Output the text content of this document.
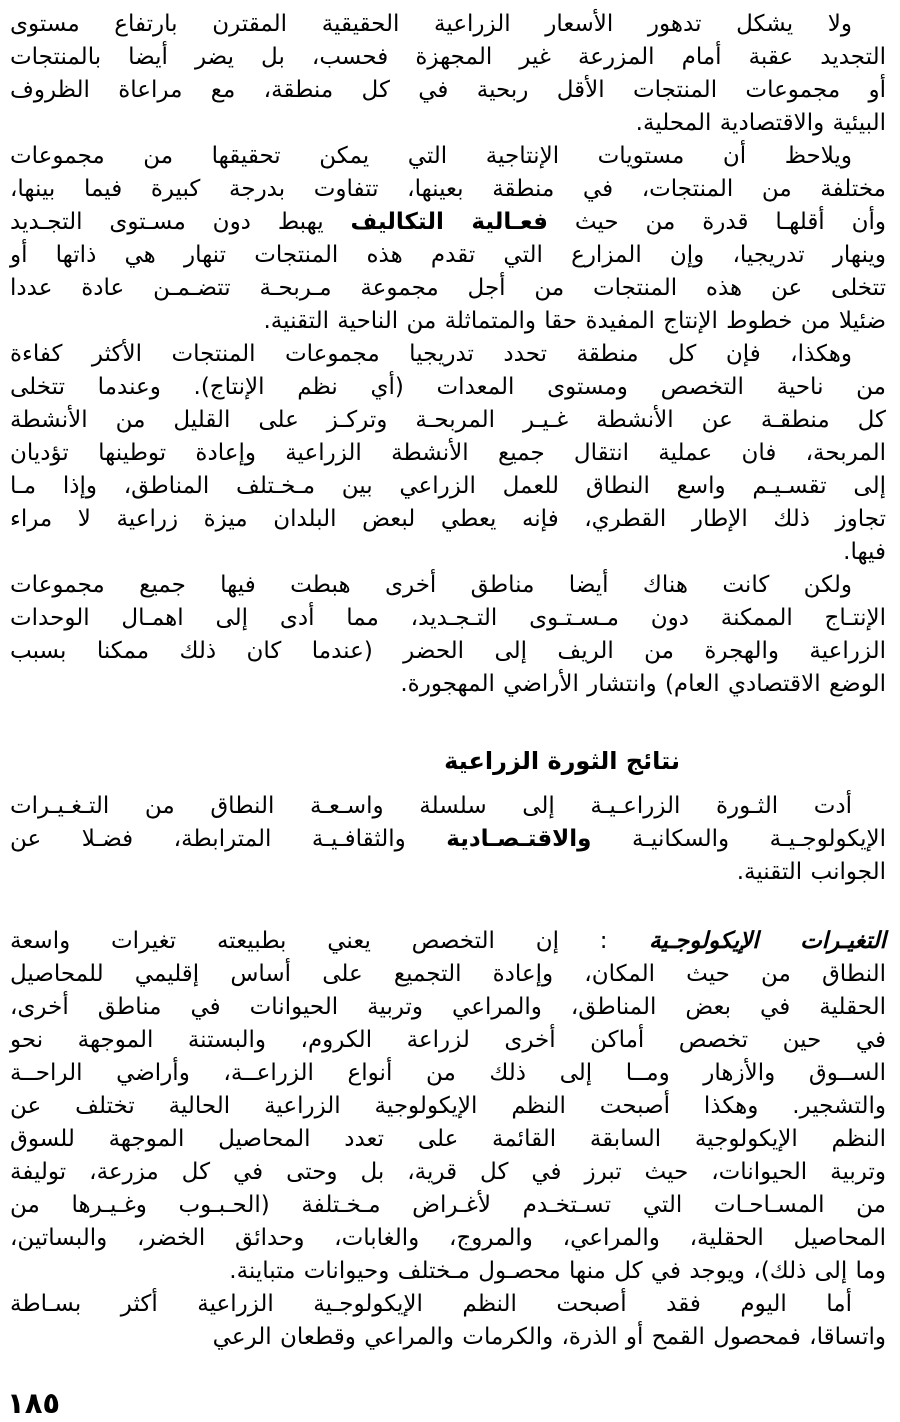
ولا يشكل تدهور الأسعار الزراعية الحقيقية المقترن بارتفاع مستوى
التجديد عقبة أمام المزرعة غير المجهزة فحسب، بل يضر أيضا بالمنتجات
أو مجموعات المنتجات الأقل ربحية في كل منطقة، مع مراعاة الظروف
البيئية والاقتصادية المحلية.
ويلاحظ أن مستويات الإنتاجية التي يمكن تحقيقها من مجموعات
مختلفة من المنتجات، في منطقة بعينها، تتفاوت بدرجة كبيرة فيما بينها،
وأن أقلهـا قدرة من حيث فعـالية التكاليف يهبط دون مسـتوى التجـديد
وينهار تدريجيا، وإن المزارع التي تقدم هذه المنتجات تنهار هي ذاتها أو
تتخلى عن هذه المنتجات من أجل مجموعة مـربحـة تتضـمـن عادة عددا
ضئيلا من خطوط الإنتاج المفيدة حقا والمتماثلة من الناحية التقنية.
وهكذا، فإن كل منطقة تحدد تدريجيا مجموعات المنتجات الأكثر كفاءة
من ناحية التخصص ومستوى المعدات (أي نظم الإنتاج). وعندما تتخلى
كل منطقـة عن الأنشطة غـيـر المربحـة وتركـز على القليل من الأنشطة
المربحة، فان عملية انتقال جميع الأنشطة الزراعية وإعادة توطينها تؤديان
إلى تقسـيـم واسع النطاق للعمل الزراعي بين مـخـتلف المناطق، وإذا مـا
تجاوز ذلك الإطار القطري، فإنه يعطي لبعض البلدان ميزة زراعية لا مراء
فيها.
ولكن كانت هناك أيضا مناطق أخرى هبطت فيها جميع مجموعات
الإنتـاج الممكنة دون مـسـتـوى التـجـديد، مما أدى إلى اهمـال الوحدات
الزراعية والهجرة من الريف إلى الحضر (عندما كان ذلك ممكنا بسبب
الوضع الاقتصادي العام) وانتشار الأراضي المهجورة.
نتائج الثورة الزراعية
أدت الثـورة الزراعـيـة إلى سلسلة واسـعـة النطاق من التـغـيـرات
الإيكولوجـيـة والسكانيـة والاقتـصـادية والثقافـيـة المترابطة، فضـلا عن
الجوانب التقنية.
التغيـرات الإيكولوجـية : إن التخصص يعني بطبيعته تغيرات واسعة
النطاق من حيث المكان، وإعادة التجميع على أساس إقليمي للمحاصيل
الحقلية في بعض المناطق، والمراعي وتربية الحيوانات في مناطق أخرى،
في حين تخصص أماكن أخرى لزراعة الكروم، والبستنة الموجهة نحو
الســوق والأزهار ومــا إلى ذلك من أنواع الزراعــة، وأراضي الراحــة
والتشجير. وهكذا أصبحت النظم الإيكولوجية الزراعية الحالية تختلف عن
النظم الإيكولوجية السابقة القائمة على تعدد المحاصيل الموجهة للسوق
وتربية الحيوانات، حيث تبرز في كل قرية، بل وحتى في كل مزرعة، توليفة
من المسـاحـات التي تسـتخـدم لأغـراض مـخـتلفة (الحـبـوب وغـيـرها من
المحاصيل الحقلية، والمراعي، والمروج، والغابات، وحدائق الخضر، والبساتين،
وما إلى ذلك)، ويوجد في كل منها محصـول مـختلف وحيوانات متباينة.
أما اليوم فقد أصبحت النظم الإيكولوجـية الزراعية أكثر بسـاطة
واتساقا، فمحصول القمح أو الذرة، والكرمات والمراعي وقطعان الرعي
١٨٥
